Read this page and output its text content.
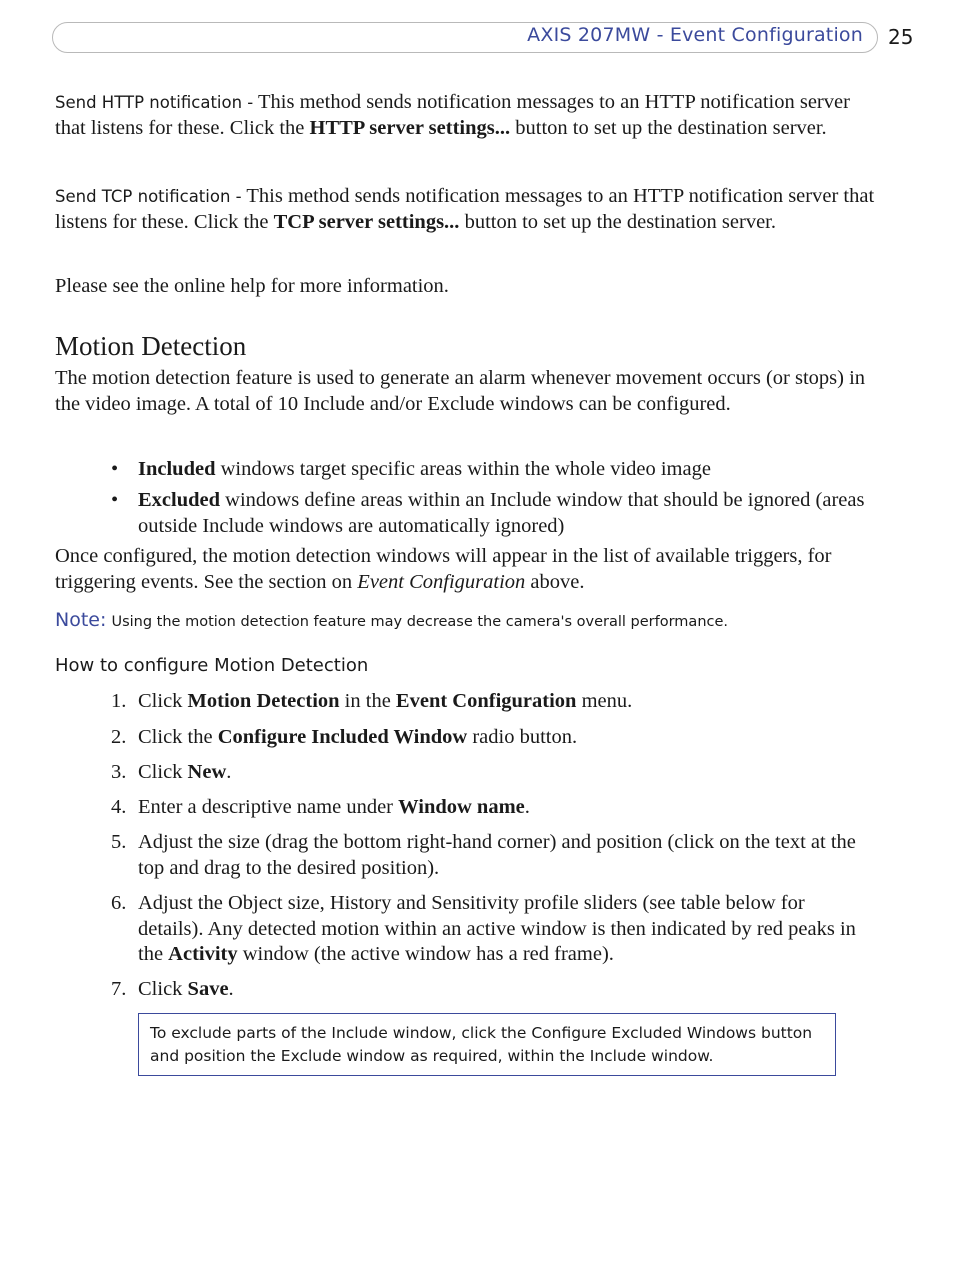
AXIS 207MW - Event Configuration 25

Send HTTP notification - This method sends notification messages to an HTTP notification server that listens for these. Click the HTTP server settings... button to set up the destination server.

Send TCP notification - This method sends notification messages to an HTTP notification server that listens for these. Click the TCP server settings... button to set up the destination server.

Please see the online help for more information.

Motion Detection

The motion detection feature is used to generate an alarm whenever movement occurs (or stops) in the video image. A total of 10 Include and/or Exclude windows can be configured.

• Included windows target specific areas within the whole video image
• Excluded windows define areas within an Include window that should be ignored (areas outside Include windows are automatically ignored)

Once configured, the motion detection windows will appear in the list of available triggers, for triggering events. See the section on Event Configuration above.

Note: Using the motion detection feature may decrease the camera's overall performance.
How to configure Motion Detection
1. Click Motion Detection in the Event Configuration menu.
2. Click the Configure Included Window radio button.
3. Click New.
4. Enter a descriptive name under Window name.
5. Adjust the size (drag the bottom right-hand corner) and position (click on the text at the top and drag to the desired position).
6. Adjust the Object size, History and Sensitivity profile sliders (see table below for details). Any detected motion within an active window is then indicated by red peaks in the Activity window (the active window has a red frame).
7. Click Save.
To exclude parts of the Include window, click the Configure Excluded Windows button and position the Exclude window as required, within the Include window.
